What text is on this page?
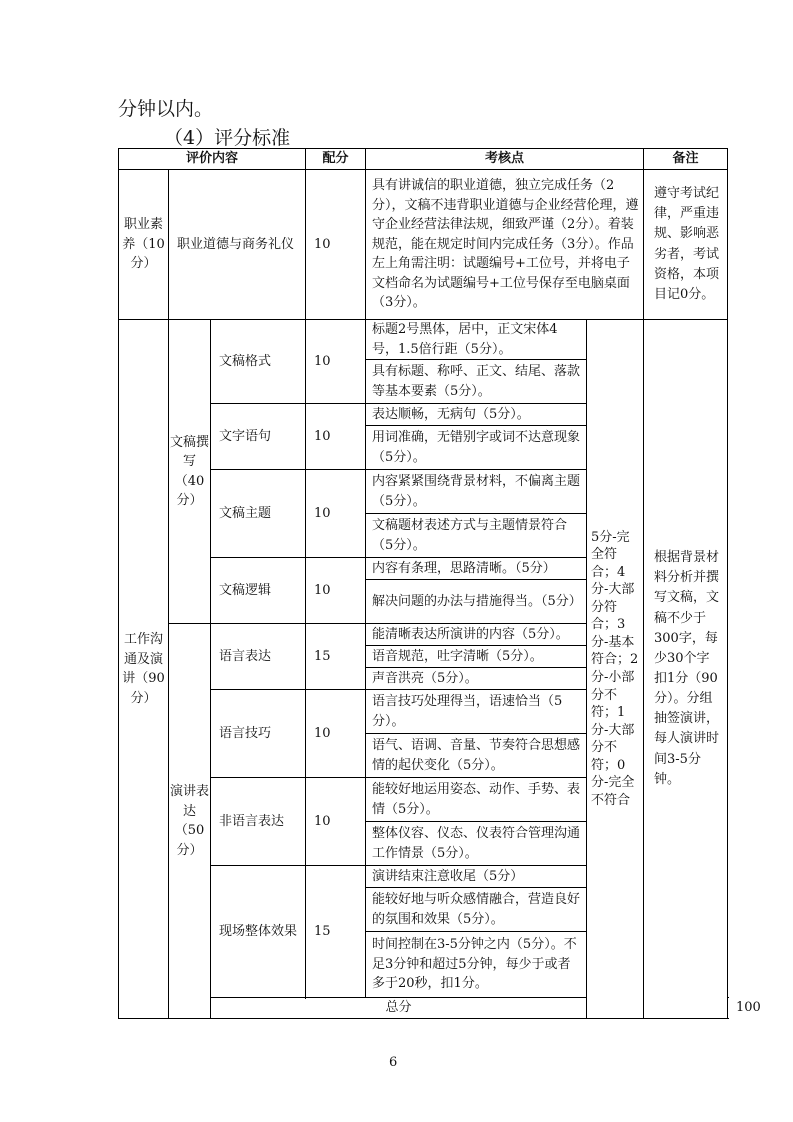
分钟以内。
（4）评分标准
评价内容			配分	考核点		备注	
职业素养（10分）	职业道德与商务礼仪		10	具有讲诚信的职业道德，独立完成任务（2分），文稿不违背职业道德与企业经营伦理，遵守企业经营法律法规，细致严谨（2分）。着装规范，能在规定时间内完成任务（3分）。作品左上角需注明：试题编号+工位号，并将电子文档命名为试题编号+工位号保存至电脑桌面（3分）。		遵守考试纪律，严重违规、影响恶劣者，考试资格，本项目记0分。	
工作沟通及演讲（90分）	文稿撰写（40分）	文稿格式	10	标题2号黑体，居中，正文宋体4号，1.5倍行距（5分）。	5分-完全符合；4分-大部分符合；3分-基本符合；2分-小部分不符；1分-大部分不符；0分-完全不符合	根据背景材料分析并撰写文稿，文稿不少于300字，每少30个字扣1分（90分）。分组抽签演讲，每人演讲时间3-5分钟。	
				具有标题、称呼、正文、结尾、落款等基本要素（5分）。			
		文字语句	10	表达顺畅，无病句（5分）。			
				用词准确，无错别字或词不达意现象（5分）。			
		文稿主题	10	内容紧紧围绕背景材料，不偏离主题（5分）。			
				文稿题材表述方式与主题情景符合（5分）。			
		文稿逻辑	10	内容有条理，思路清晰。（5分）			
				解决问题的办法与措施得当。（5分）			
	演讲表达（50分）	语言表达	15	能清晰表达所演讲的内容（5分）。			
				语音规范，吐字清晰（5分）。			
				声音洪亮（5分）。			
		语言技巧	10	语言技巧处理得当，语速恰当（5分）。			
				语气、语调、音量、节奏符合思想感情的起伏变化（5分）。			
		非语言表达	10	能较好地运用姿态、动作、手势、表情（5分）。			
				整体仪容、仪态、仪表符合管理沟通工作情景（5分）。			
		现场整体效果	15	演讲结束注意收尾（5分）			
				能较好地与听众感情融合，营造良好的氛围和效果（5分）。			
				时间控制在3-5分钟之内（5分）。不足3分钟和超过5分钟，每少于或者多于20秒，扣1分。			

		总分					100		
6
